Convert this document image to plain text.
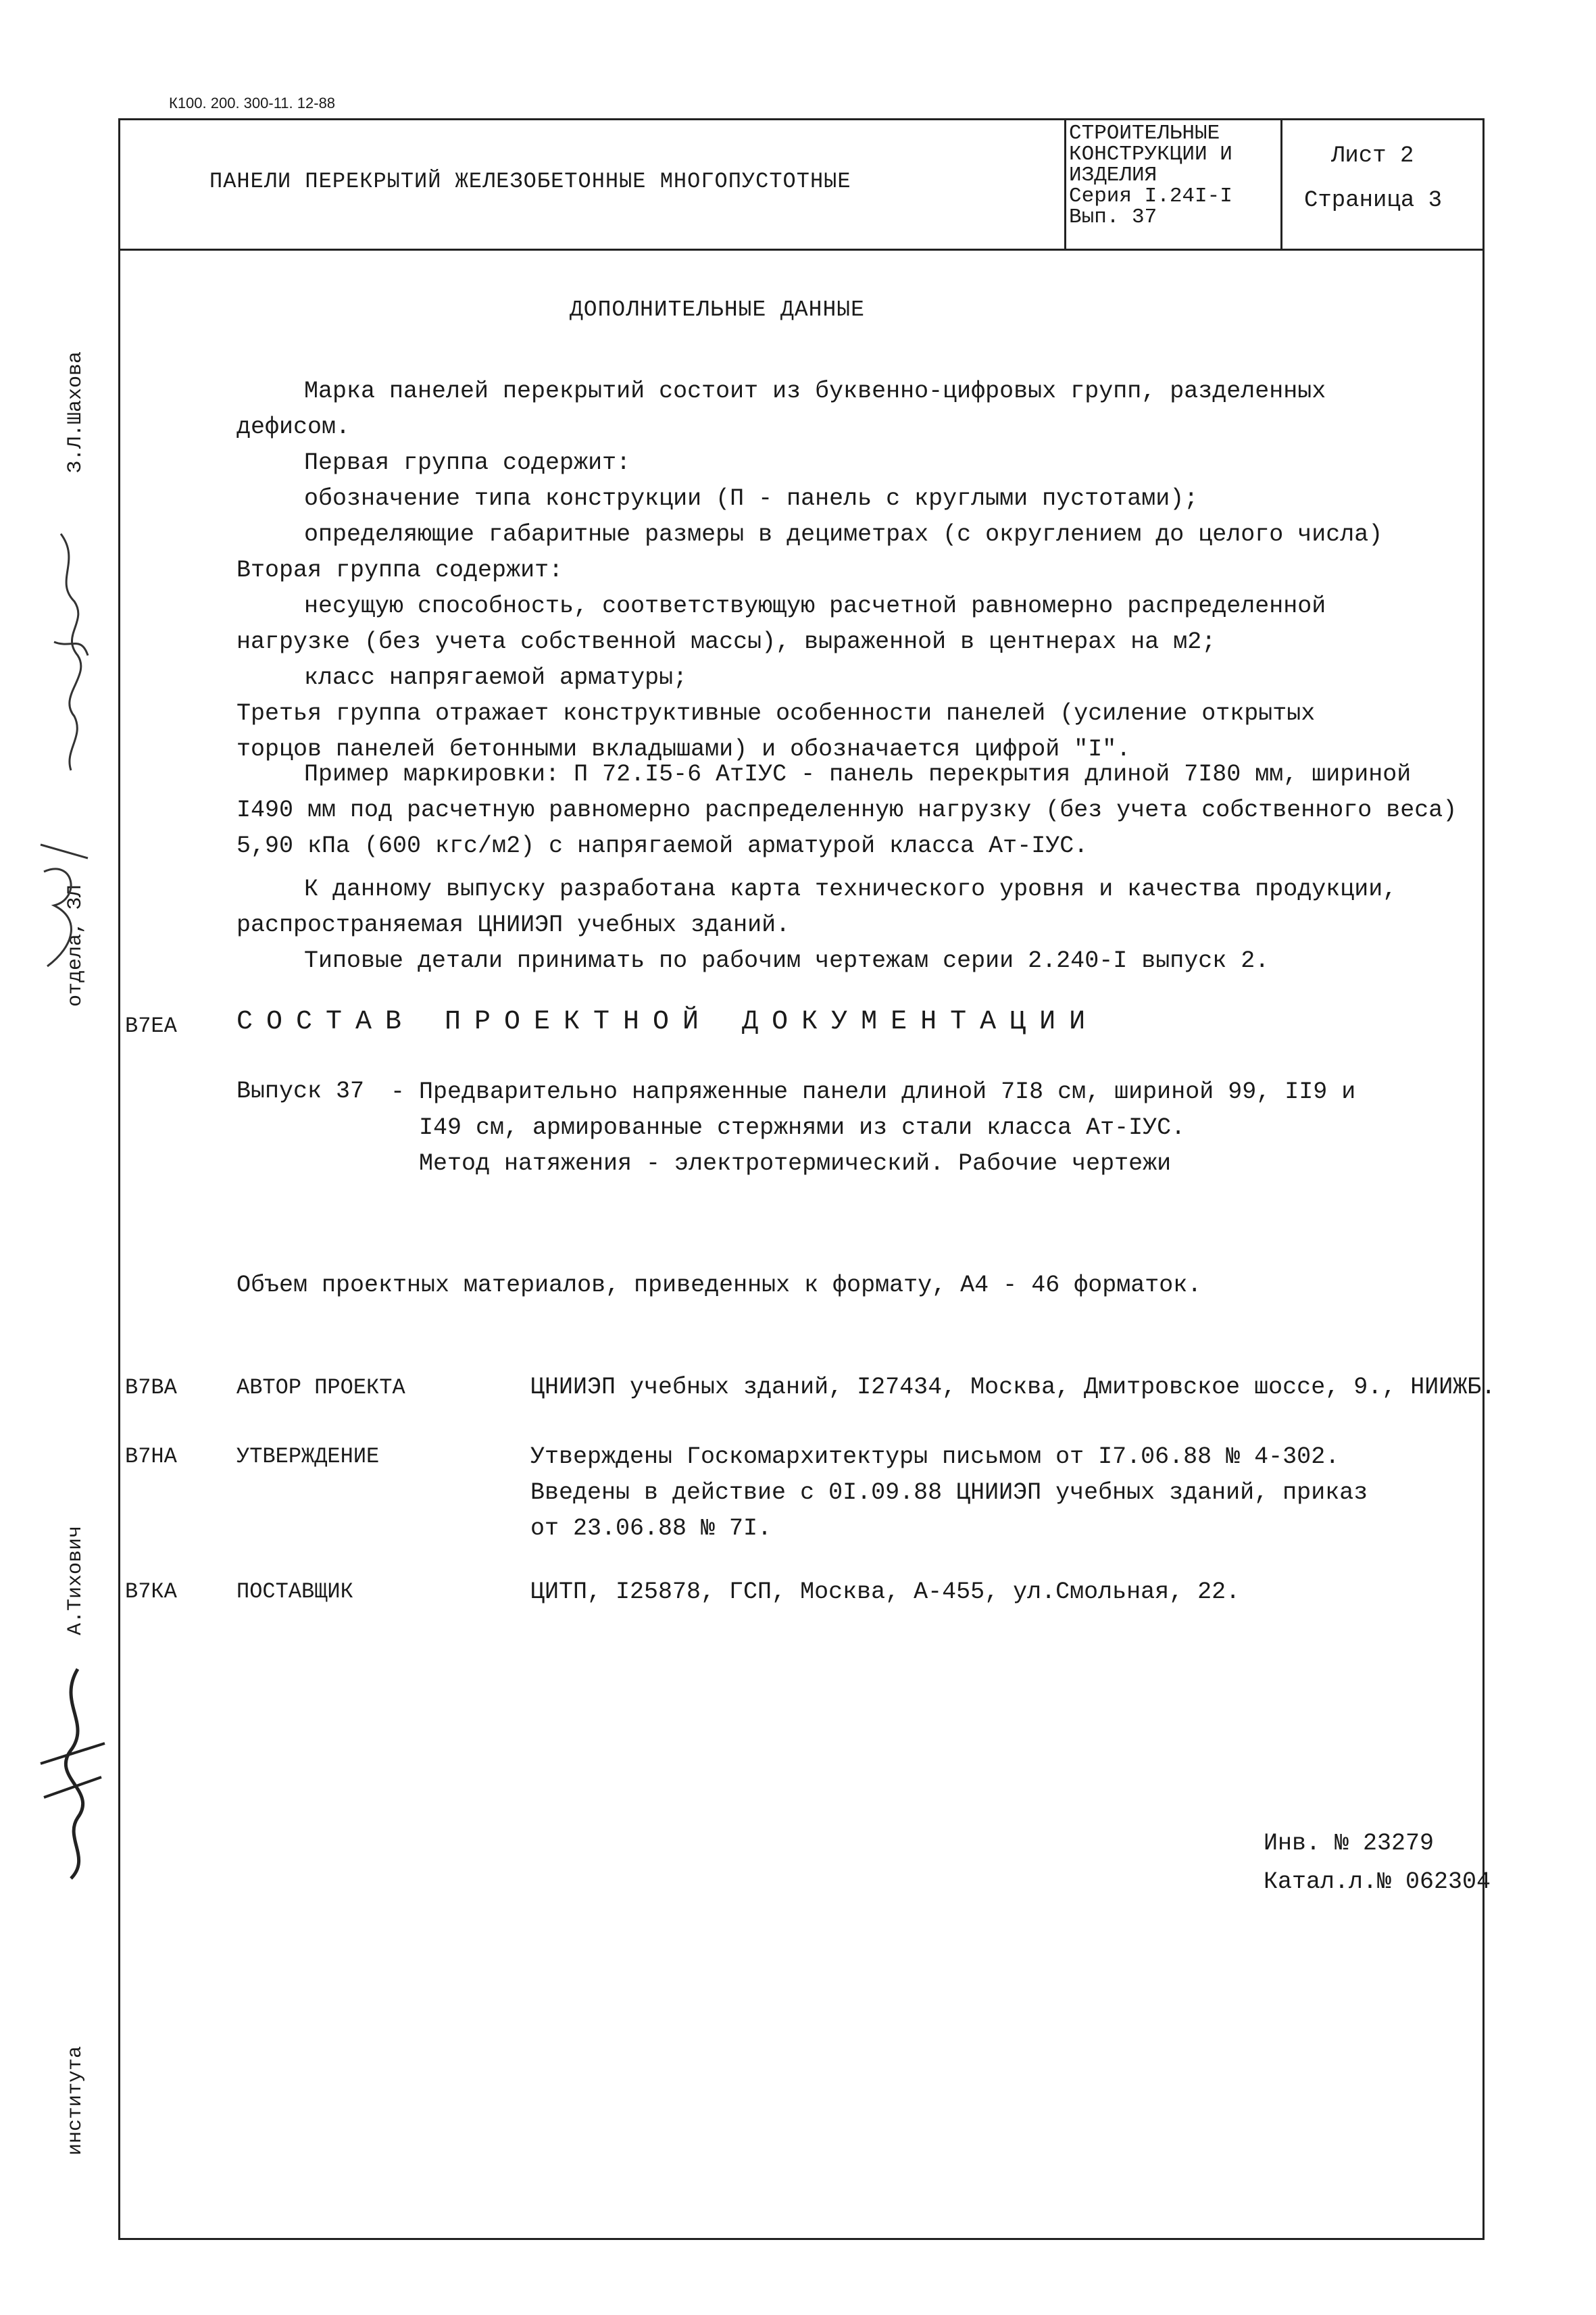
К100. 200. 300-11. 12-88
ПАНЕЛИ ПЕРЕКРЫТИЙ ЖЕЛЕЗОБЕТОННЫЕ МНОГОПУСТОТНЫЕ
СТРОИТЕЛЬНЫЕ
КОНСТРУКЦИИ И
ИЗДЕЛИЯ
Серия I.24I-I
Вып. 37
Лист 2
Страница 3
ДОПОЛНИТЕЛЬНЫЕ ДАННЫЕ
Марка панелей перекрытий состоит из буквенно-цифровых групп, разделенных
дефисом.
Первая группа содержит:
обозначение типа конструкции (П - панель с круглыми пустотами);
определяющие габаритные размеры в дециметрах (с округлением до целого числа)
Вторая группа содержит:
несущую способность, соответствующую расчетной равномерно распределенной
нагрузке (без учета собственной массы), выраженной в центнерах на м2;
класс напрягаемой арматуры;
Третья группа отражает конструктивные особенности панелей (усиление открытых
торцов панелей бетонными вкладышами) и обозначается цифрой "I".
Пример маркировки: П 72.I5-6 АтIУС - панель перекрытия длиной 7I80 мм, шириной
I490 мм под расчетную равномерно распределенную нагрузку (без учета собственного веса)
5,90 кПа (600 кгс/м2) с напрягаемой арматурой класса Ат-IУС.
К данному выпуску разработана карта технического уровня и качества продукции,
распространяемая ЦНИИЭП учебных зданий.
Типовые детали принимать по рабочим чертежам серии 2.240-I выпуск 2.
В7ЕА СОСТАВ ПРОЕКТНОЙ ДОКУМЕНТАЦИИ
Выпуск 37 - Предварительно напряженные панели длиной 7I8 см, шириной 99, II9 и
I49 см, армированные стержнями из стали класса Ат-IУС.
Метод натяжения - электротермический. Рабочие чертежи
Объем проектных материалов, приведенных к формату, А4 - 46 форматок.
В7ВА	АВТОР ПРОЕКТА	ЦНИИЭП учебных зданий, I27434, Москва, Дмитровское шоссе, 9., НИИЖБ.
В7НА	УТВЕРЖДЕНИЕ	Утверждены Госкомархитектуры письмом от I7.06.88 № 4-302.
Введены в действие с 0I.09.88 ЦНИИЭП учебных зданий, приказ
от 23.06.88 № 7I.
В7КА	ПОСТАВЩИК	ЦИТП, I25878, ГСП, Москва, А-455, ул.Смольная, 22.
Инв. № 23279
Катал.л.№ 062304
З.Л.Шахова
отдела, ЗЛ
А.Тихович
института
